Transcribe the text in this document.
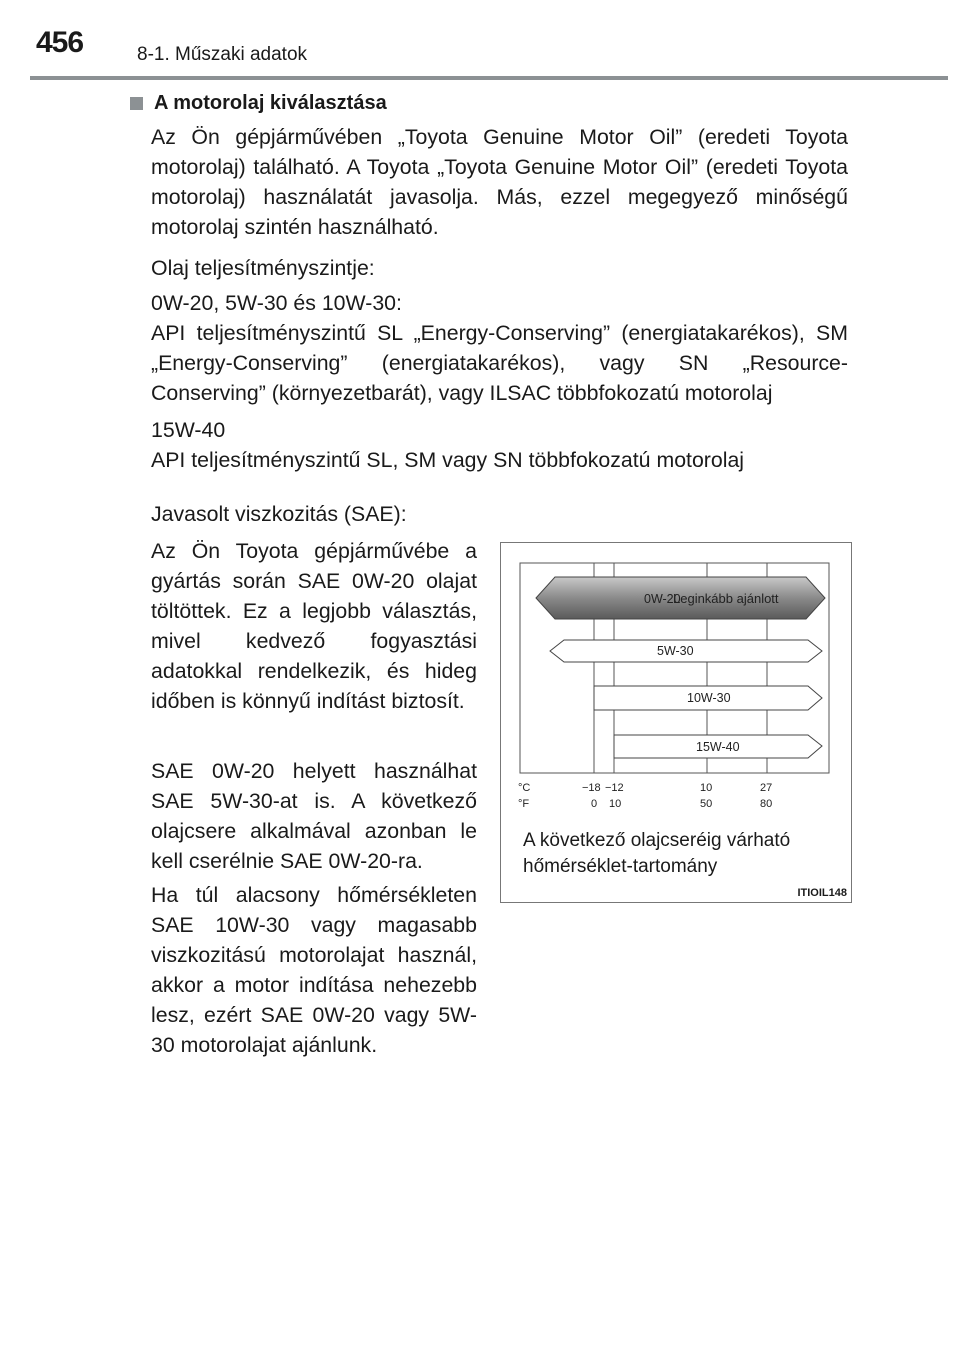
456	8-1. Műszaki adatok
A motorolaj kiválasztása
Az Ön gépjárművében „Toyota Genuine Motor Oil” (eredeti Toyota motorolaj) található. A Toyota „Toyota Genuine Motor Oil” (eredeti Toyota motorolaj) használatát javasolja. Más, ezzel megegyező minőségű motorolaj szintén használható.
Olaj teljesítményszintje:
0W-20, 5W-30 és 10W-30:
API teljesítményszintű SL „Energy-Conserving” (energiatakarékos), SM „Energy-Conserving” (energiatakarékos), vagy SN „Resource-Conserving” (környezetbarát), vagy ILSAC többfokozatú motorolaj
15W-40
API teljesítményszintű SL, SM vagy SN többfokozatú motorolaj
Javasolt viszkozitás (SAE):
Az Ön Toyota gépjárművébe a gyártás során SAE 0W-20 olajat töltöttek. Ez a legjobb választás, mivel kedvező fogyasztási adatokkal rendelkezik, és hideg időben is könnyű indítást biztosít.
SAE 0W-20 helyett használhat SAE 5W-30-at is. A következő olajcsere alkalmával azonban le kell cserélnie SAE 0W-20-ra.
Ha túl alacsony hőmérsékleten SAE 10W-30 vagy magasabb viszkozitású motorolajat használ, akkor a motor indítása nehezebb lesz, ezért SAE 0W-20 vagy 5W-30 motorolajat ajánlunk.
0W-20
Leginkább ajánlott
5W-30
10W-30
15W-40
°C
°F
−18 −12	10	27
0 10	50	80
A következő olajcseréig várható hőmérséklet-tartomány
ITIOIL148
